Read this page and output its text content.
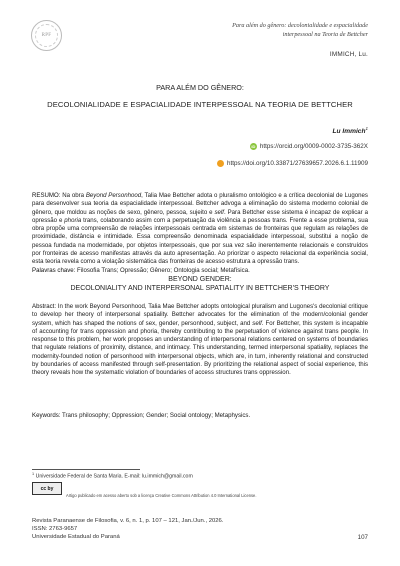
RPF
Para além do gênero: decolonialidade e espacialidade
interpessoal na Teoria de Bettcher
IMMICH, Lu.
PARA ALÉM DO GÊNERO:
DECOLONIALIDADE E ESPACIALIDADE INTERPESSOAL NA TEORIA DE BETTCHER
Lu Immich$^1$
iD https://orcid.org/0009-0002-3735-362X
https://doi.org/10.33871/27639657.2026.6.1.11909
RESUMO: Na obra Beyond Personhood, Talia Mae Bettcher adota o pluralismo ontológico e a crítica decolonial de Lugones para desenvolver sua teoria da espacialidade interpessoal. Bettcher advoga a eliminação do sistema moderno colonial de gênero, que moldou as noções de sexo, gênero, pessoa, sujeito e self. Para Bettcher esse sistema é incapaz de explicar a opressão e phoria trans, colaborando assim com a perpetuação da violência a pessoas trans. Frente a esse problema, sua obra propõe uma compreensão de relações interpessoais centrada em sistemas de fronteiras que regulam as relações de proximidade, distância e intimidade. Essa compreensão denominada espacialidade interpessoal, substitui a noção de pessoa fundada na modernidade, por objetos interpessoais, que por sua vez são inerentemente relacionais e construídos por fronteiras de acesso manifestas através da auto apresentação. Ao priorizar o aspecto relacional da experiência social, esta teoria revela como a violação sistemática das fronteiras de acesso estrutura a opressão trans.
Palavras chave: Filosofia Trans; Opressão; Gênero; Ontologia social; Metafísica.
BEYOND GENDER:
DECOLONIALITY AND INTERPERSONAL SPATIALITY IN BETTCHER'S THEORY
Abstract: In the work Beyond Personhood, Talia Mae Bettcher adopts ontological pluralism and Lugones's decolonial critique to develop her theory of interpersonal spatiality. Bettcher advocates for the elimination of the modern/colonial gender system, which has shaped the notions of sex, gender, personhood, subject, and self. For Bettcher, this system is incapable of accounting for trans oppression and phoria, thereby contributing to the perpetuation of violence against trans people. In response to this problem, her work proposes an understanding of interpersonal relations centered on systems of boundaries that regulate relations of proximity, distance, and intimacy. This understanding, termed interpersonal spatiality, replaces the modernity-founded notion of personhood with interpersonal objects, which are, in turn, inherently relational and constructed by boundaries of access manifested through self-presentation. By prioritizing the relational aspect of social experience, this theory reveals how the systematic violation of boundaries of access structures trans oppression.
Keywords: Trans philosophy; Oppression; Gender; Social ontology; Metaphysics.
$^1$ Universidade Federal de Santa Maria. E-mail: lu.immich@gmail.com
cc by
Artigo publicado em acesso aberto sob a licença Creative Commons Attribution 4.0 International License.
Revista Paranaense de Filosofia, v. 6, n. 1, p. 107 – 121, Jan./Jun., 2026.
ISSN: 2763-9657
Universidade Estadual do Paraná	107
